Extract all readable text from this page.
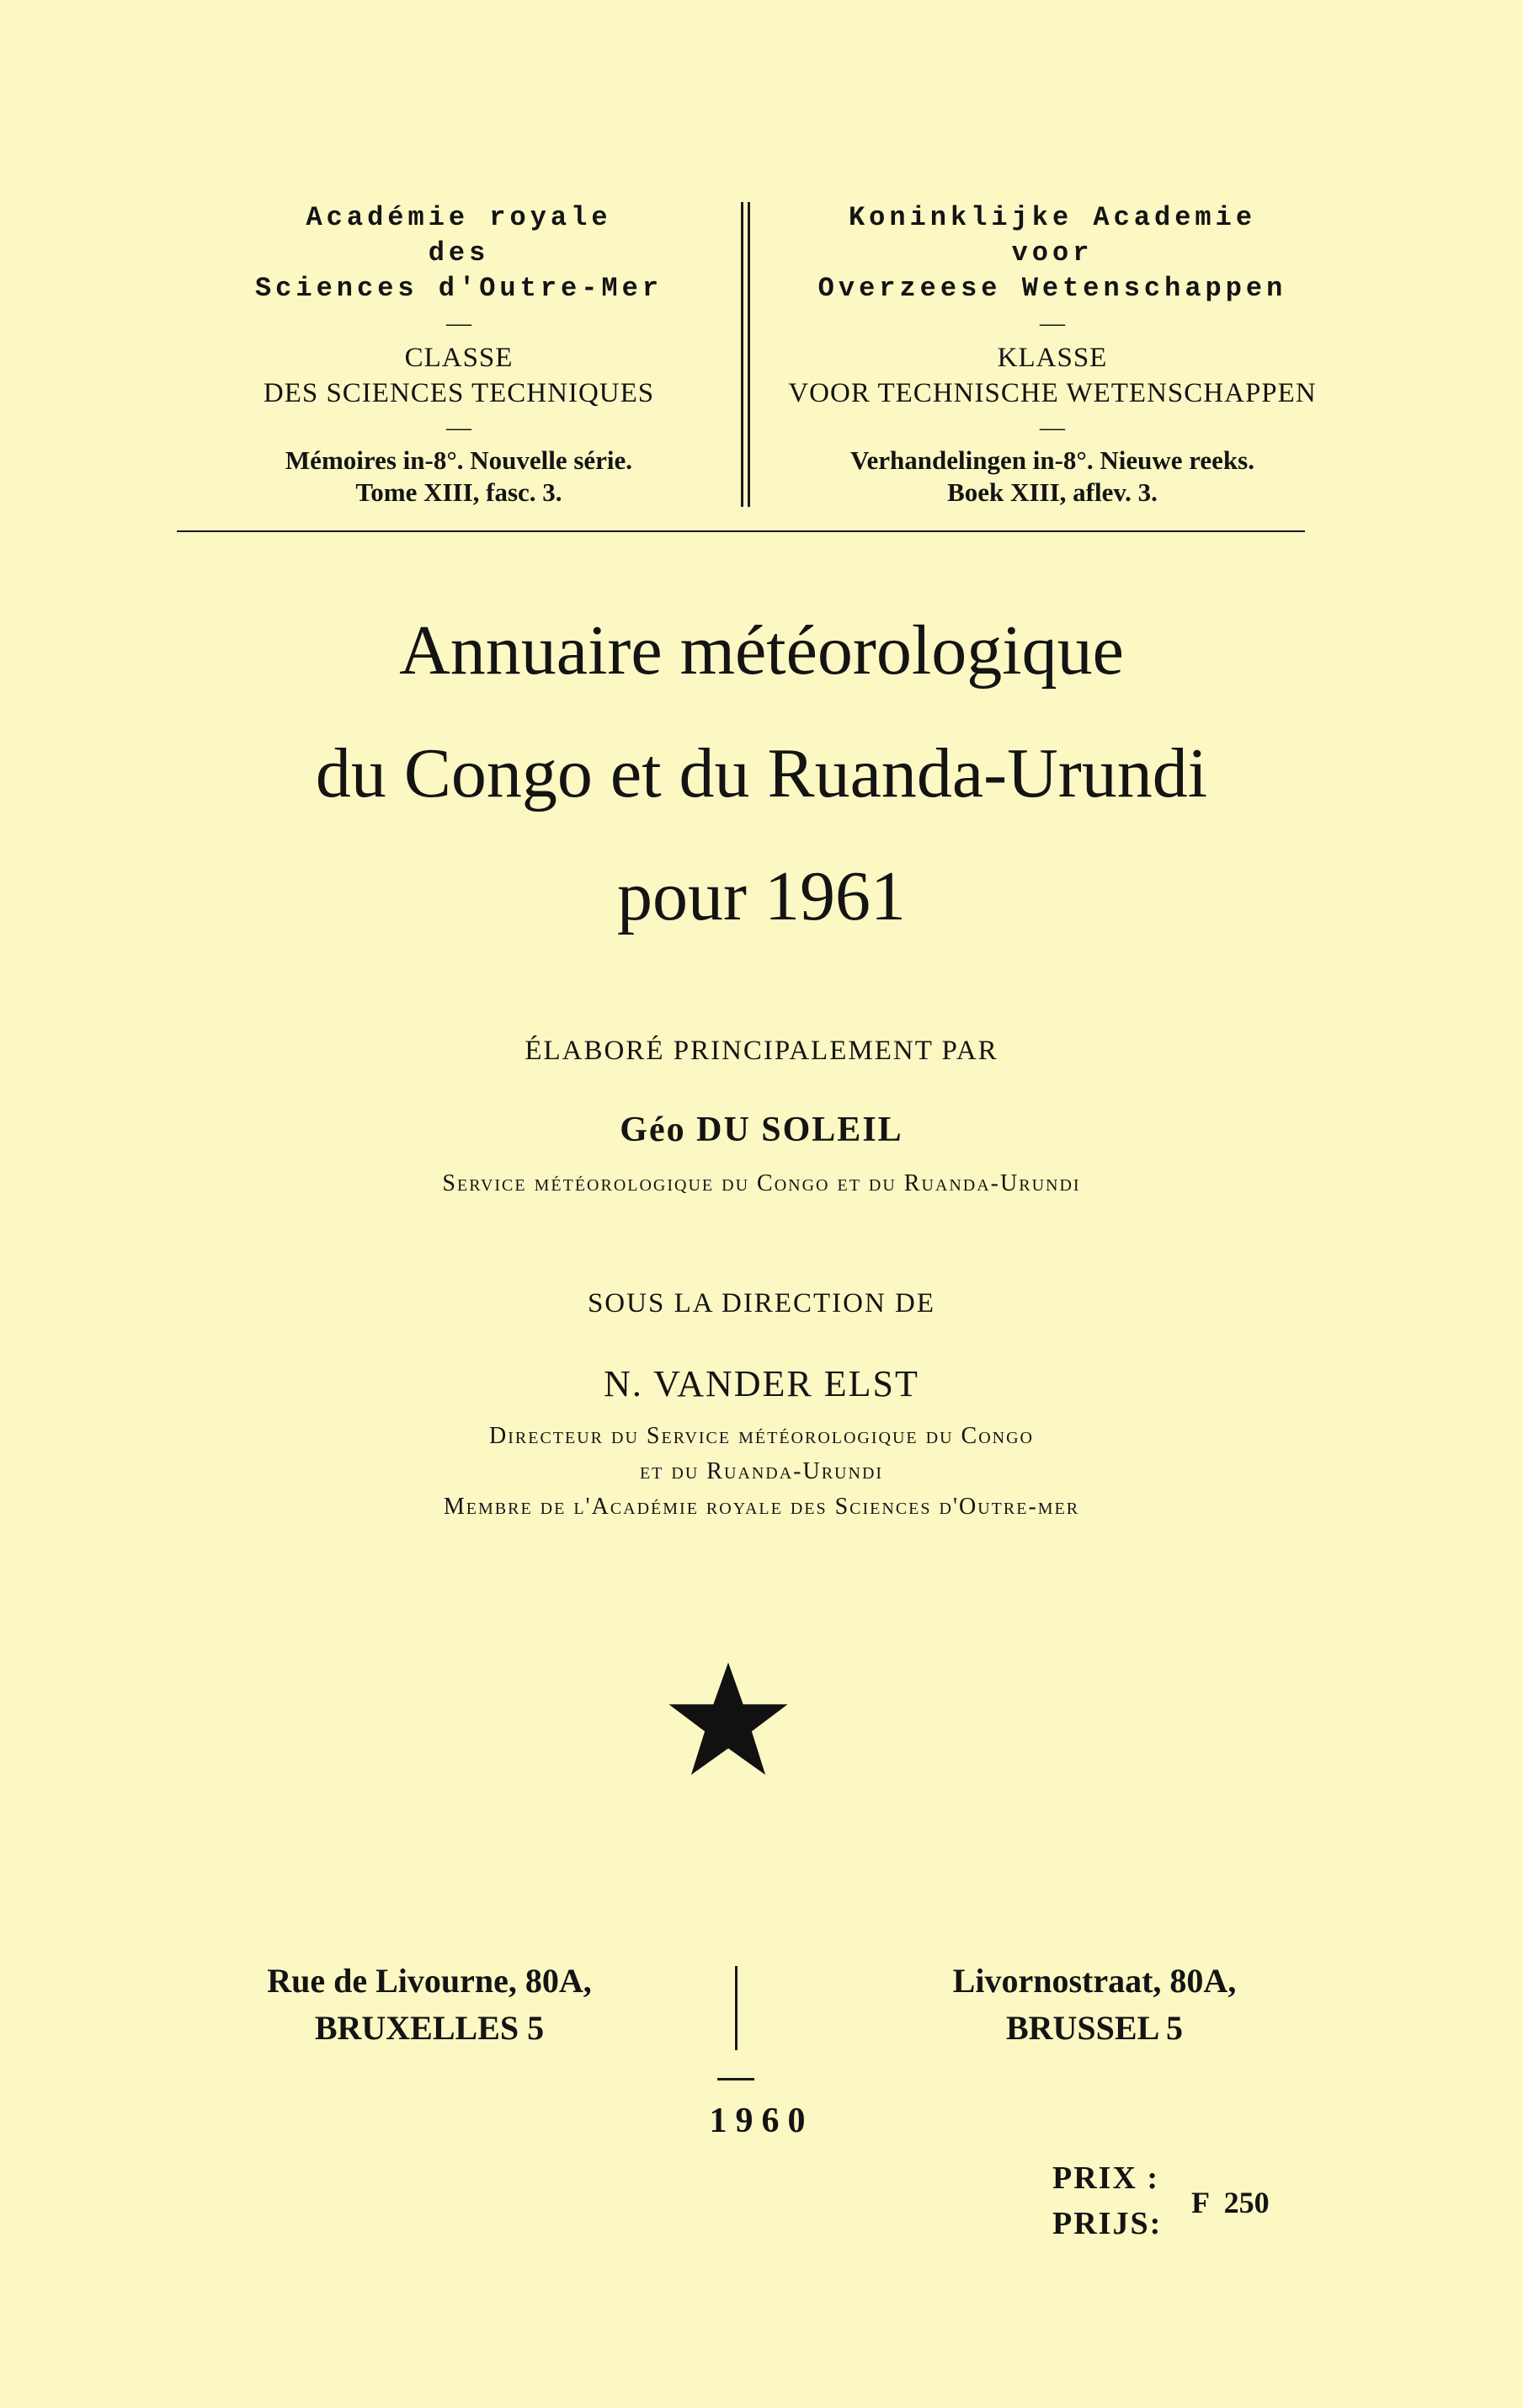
Académie royale
des
Sciences d'Outre-Mer
—
CLASSE
DES SCIENCES TECHNIQUES
—
Mémoires in-8°. Nouvelle série.
Tome XIII, fasc. 3.
Koninklijke Academie
voor
Overzeese Wetenschappen
—
KLASSE
VOOR TECHNISCHE WETENSCHAPPEN
—
Verhandelingen in-8°. Nieuwe reeks.
Boek XIII, aflev. 3.
Annuaire météorologique
du Congo et du Ruanda-Urundi
pour 1961
ÉLABORÉ PRINCIPALEMENT PAR
Géo DU SOLEIL
Service météorologique du Congo et du Ruanda-Urundi
SOUS LA DIRECTION DE
N. VANDER ELST
Directeur du Service météorologique du Congo
et du Ruanda-Urundi
Membre de l'Académie royale des Sciences d'Outre-mer
Rue de Livourne, 80A,
BRUXELLES 5
Livornostraat, 80A,
BRUSSEL 5
1960
PRIX :
PRIJS:
F  250
